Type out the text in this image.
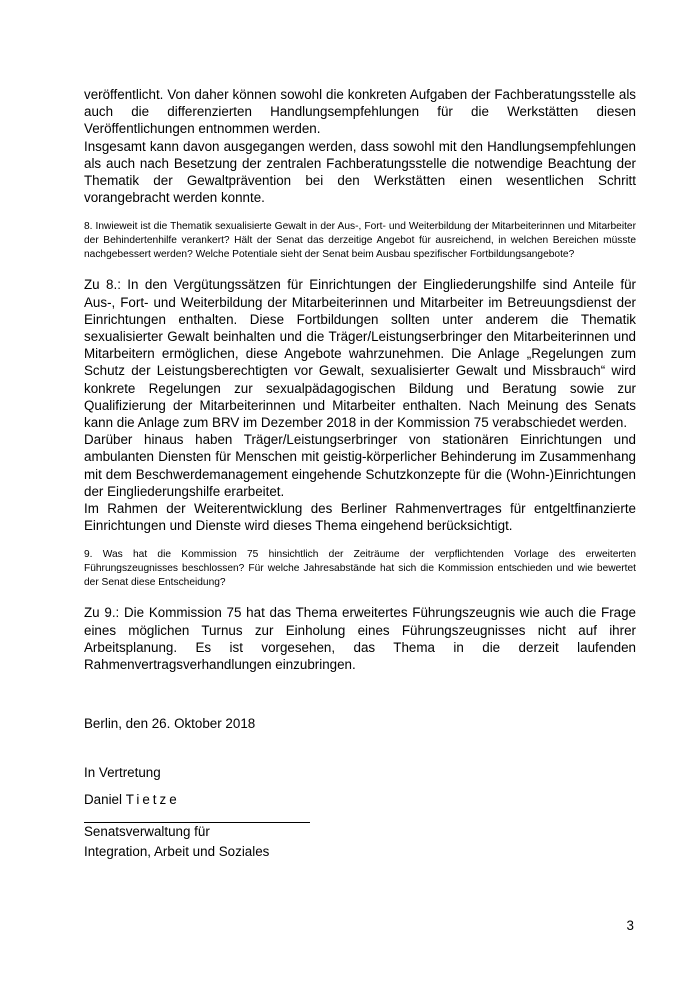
veröffentlicht. Von daher können sowohl die konkreten Aufgaben der Fachberatungsstelle als auch die differenzierten Handlungsempfehlungen für die Werkstätten diesen Veröffentlichungen entnommen werden.

Insgesamt kann davon ausgegangen werden, dass sowohl mit den Handlungsempfehlungen als auch nach Besetzung der zentralen Fachberatungsstelle die notwendige Beachtung der Thematik der Gewaltprävention bei den Werkstätten einen wesentlichen Schritt vorangebracht werden konnte.

8. Inwieweit ist die Thematik sexualisierte Gewalt in der Aus-, Fort- und Weiterbildung der Mitarbeiterinnen und Mitarbeiter der Behindertenhilfe verankert? Hält der Senat das derzeitige Angebot für ausreichend, in welchen Bereichen müsste nachgebessert werden? Welche Potentiale sieht der Senat beim Ausbau spezifischer Fortbildungsangebote?

Zu 8.: In den Vergütungssätzen für Einrichtungen der Eingliederungshilfe sind Anteile für Aus-, Fort- und Weiterbildung der Mitarbeiterinnen und Mitarbeiter im Betreuungsdienst der Einrichtungen enthalten. Diese Fortbildungen sollten unter anderem die Thematik sexualisierter Gewalt beinhalten und die Träger/Leistungserbringer den Mitarbeiterinnen und Mitarbeitern ermöglichen, diese Angebote wahrzunehmen. Die Anlage „Regelungen zum Schutz der Leistungsberechtigten vor Gewalt, sexualisierter Gewalt und Missbrauch“ wird konkrete Regelungen zur sexualpädagogischen Bildung und Beratung sowie zur Qualifizierung der Mitarbeiterinnen und Mitarbeiter enthalten. Nach Meinung des Senats kann die Anlage zum BRV im Dezember 2018 in der Kommission 75 verabschiedet werden.

Darüber hinaus haben Träger/Leistungserbringer von stationären Einrichtungen und ambulanten Diensten für Menschen mit geistig-körperlicher Behinderung im Zusammenhang mit dem Beschwerdemanagement eingehende Schutzkonzepte für die (Wohn-)Einrichtungen der Eingliederungshilfe erarbeitet.

Im Rahmen der Weiterentwicklung des Berliner Rahmenvertrages für entgeltfinanzierte Einrichtungen und Dienste wird dieses Thema eingehend berücksichtigt.

9. Was hat die Kommission 75 hinsichtlich der Zeiträume der verpflichtenden Vorlage des erweiterten Führungszeugnisses beschlossen? Für welche Jahresabstände hat sich die Kommission entschieden und wie bewertet der Senat diese Entscheidung?

Zu 9.: Die Kommission 75 hat das Thema erweitertes Führungszeugnis wie auch die Frage eines möglichen Turnus zur Einholung eines Führungszeugnisses nicht auf ihrer Arbeitsplanung. Es ist vorgesehen, das Thema in die derzeit laufenden Rahmenvertragsverhandlungen einzubringen.

Berlin, den 26. Oktober 2018

In Vertretung

Daniel Tietze

Senatsverwaltung für

Integration, Arbeit und Soziales

3
